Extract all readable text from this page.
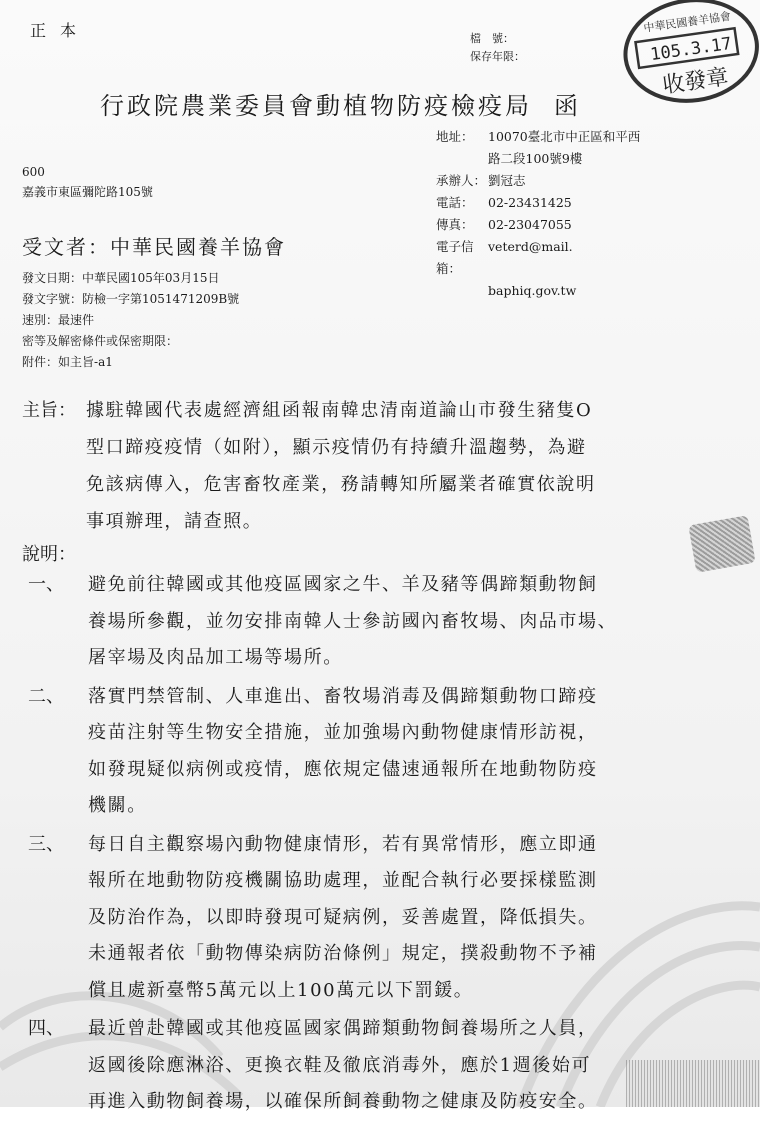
正本	檔　號：
保存年限：
中華民國養羊協會
105.3.17
收發章
行政院農業委員會動植物防疫檢疫局 函
地址：	10070臺北市中正區和平西
路二段100號9樓
承辦人： 劉冠志
電話：	02-23431425
傳真：	02-23047055
電子信箱：
veterd@mail.
baphiq.gov.tw
600
嘉義市東區彌陀路105號
受文者：中華民國養羊協會
發文日期： 中華民國105年03月15日
發文字號： 防檢一字第1051471209B號
速別： 最速件
密等及解密條件或保密期限：
附件： 如主旨-a1
主旨： 據駐韓國代表處經濟組函報南韓忠清南道論山市發生豬隻O
型口蹄疫疫情（如附），顯示疫情仍有持續升溫趨勢，為避
免該病傳入，危害畜牧產業，務請轉知所屬業者確實依說明
事項辦理，請查照。
說明：
一、	避免前往韓國或其他疫區國家之牛、羊及豬等偶蹄類動物飼
養場所參觀，並勿安排南韓人士參訪國內畜牧場、肉品市場、
屠宰場及肉品加工場等場所。
二、	落實門禁管制、人車進出、畜牧場消毒及偶蹄類動物口蹄疫
疫苗注射等生物安全措施，並加強場內動物健康情形訪視，
如發現疑似病例或疫情，應依規定儘速通報所在地動物防疫
機關。
三、	每日自主觀察場內動物健康情形，若有異常情形，應立即通
報所在地動物防疫機關協助處理，並配合執行必要採樣監測
及防治作為，以即時發現可疑病例，妥善處置，降低損失。
未通報者依「動物傳染病防治條例」規定，撲殺動物不予補
償且處新臺幣5萬元以上100萬元以下罰鍰。
四、	最近曾赴韓國或其他疫區國家偶蹄類動物飼養場所之人員，
返國後除應淋浴、更換衣鞋及徹底消毒外，應於1週後始可
再進入動物飼養場，以確保所飼養動物之健康及防疫安全。
